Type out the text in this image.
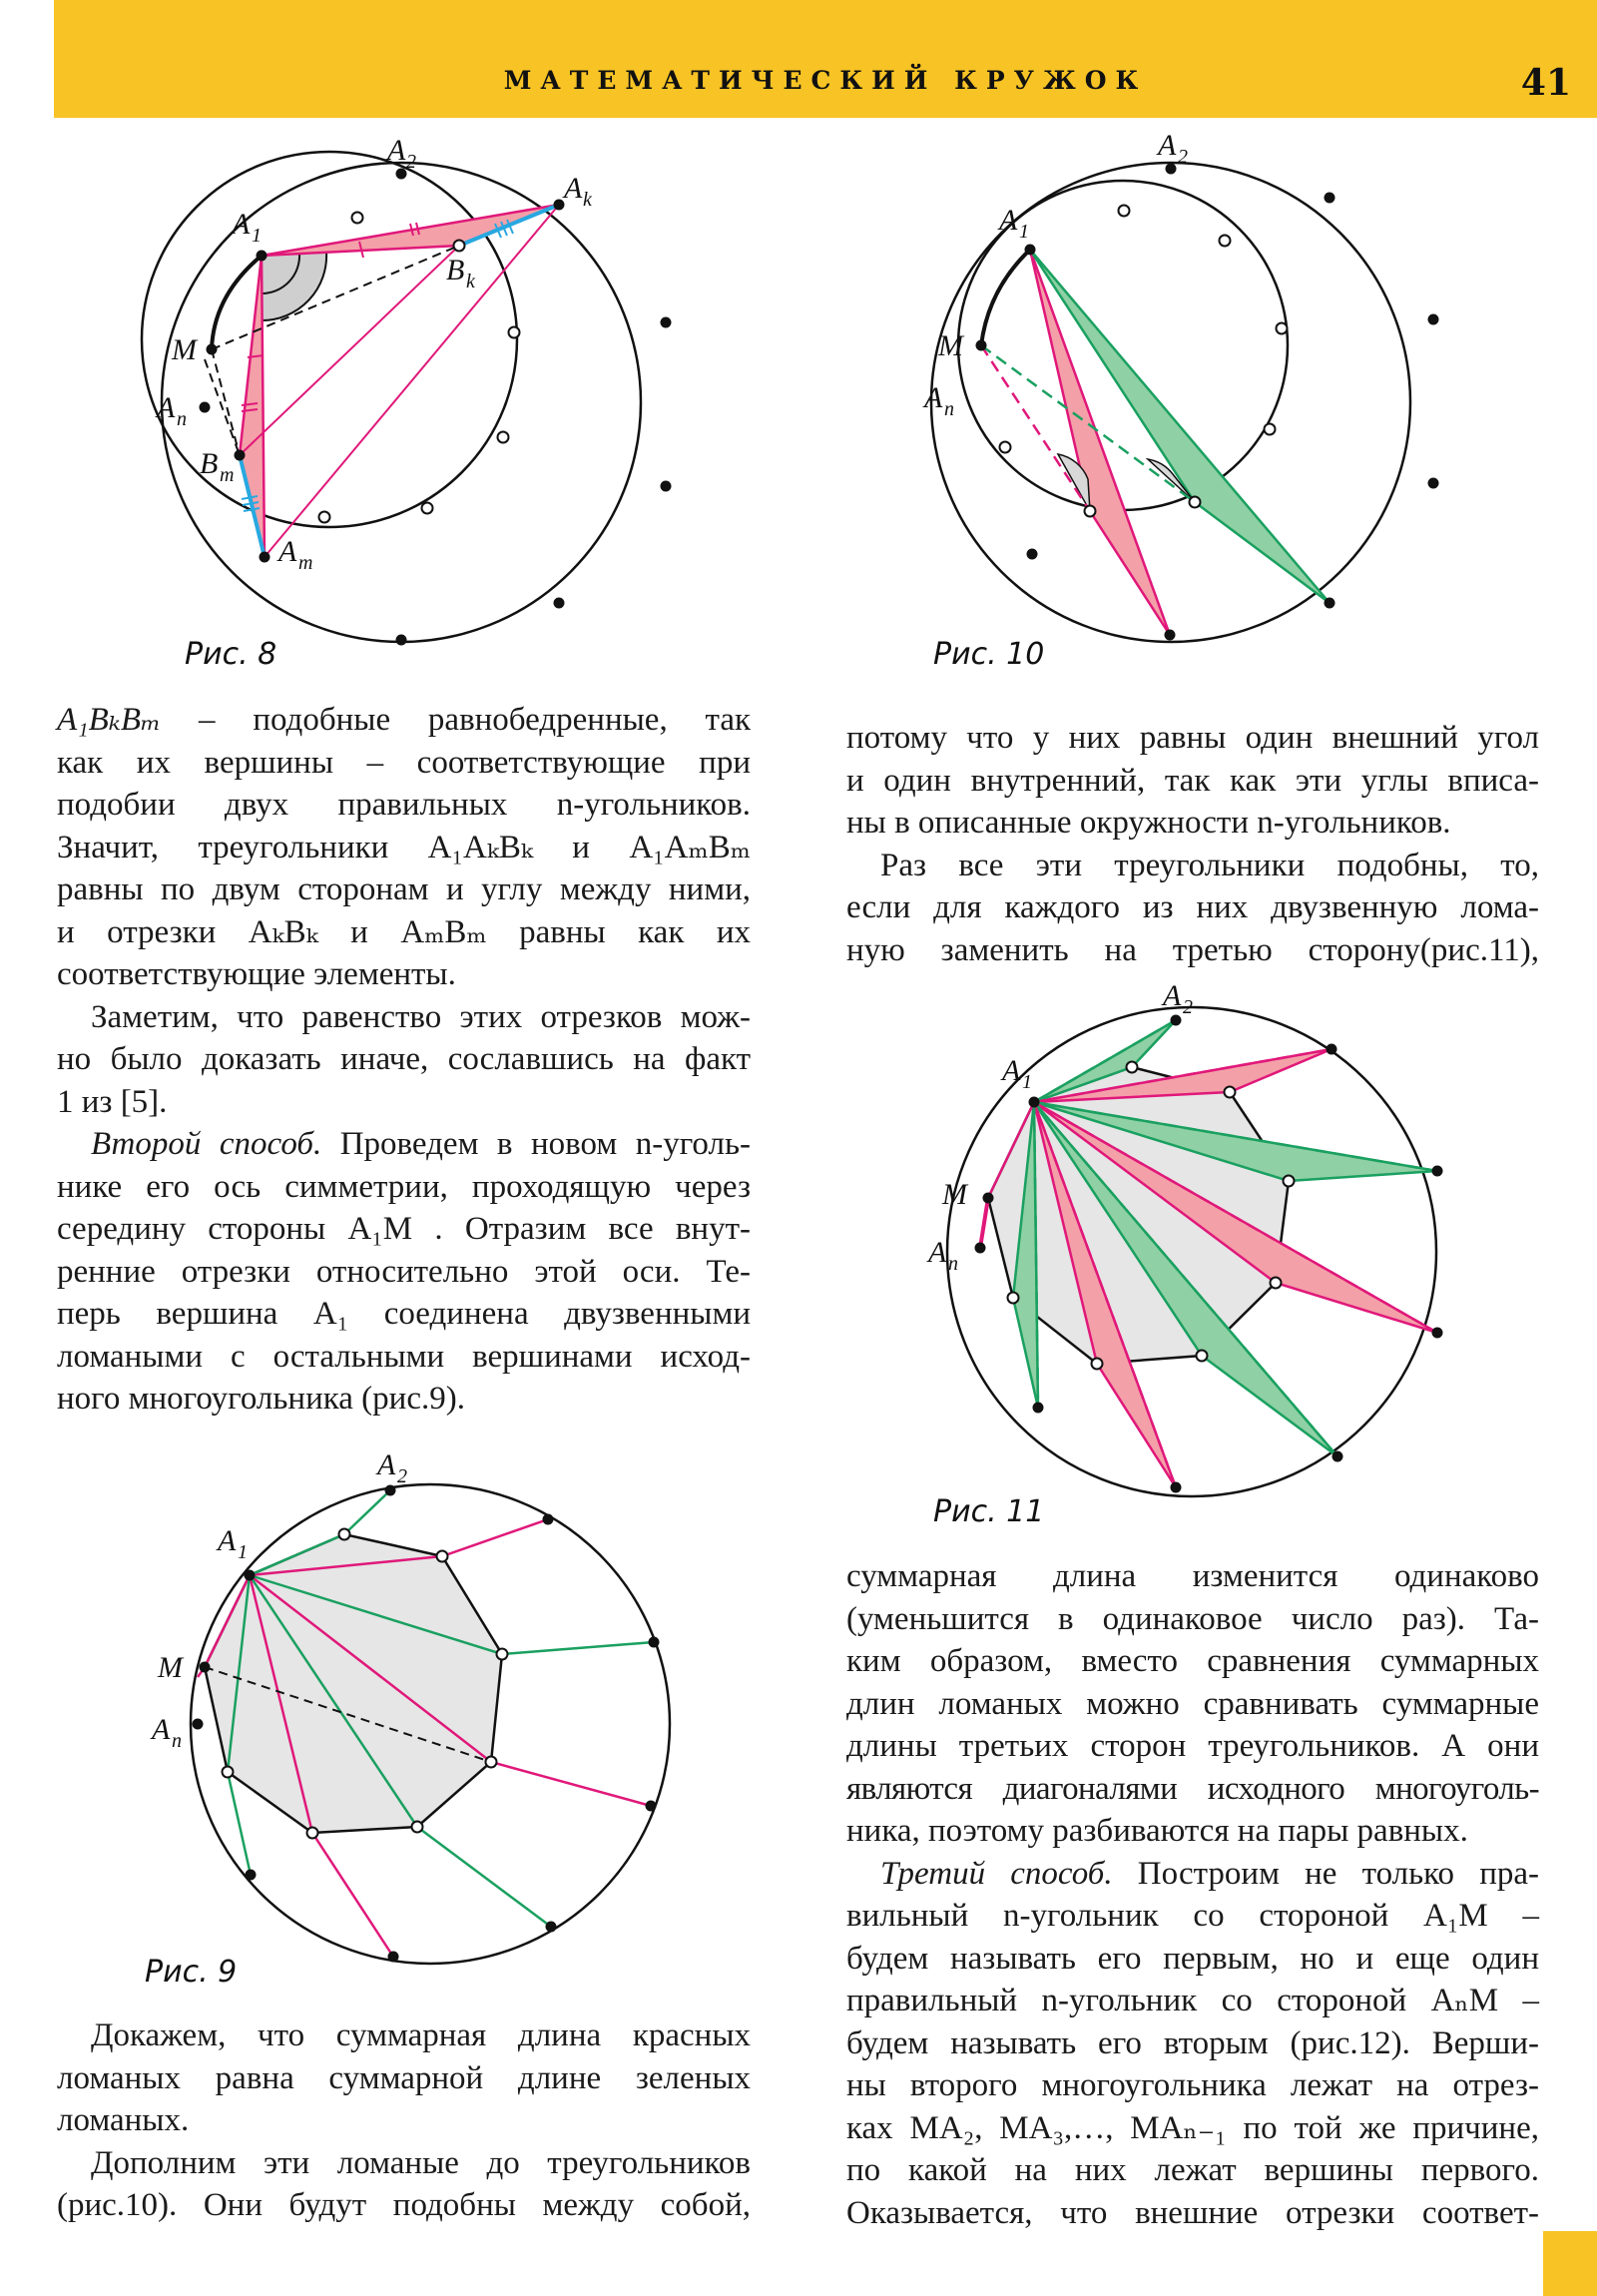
МАТЕМАТИЧЕСКИЙ КРУЖОК	41
A 2
A k
A 1
B k
M
A n
B m
A m
Рис. 8
A 2
A 1
M
A n
Рис. 10

A₁BₖBₘ – подобные равнобедренные, так

как их вершины – соответствующие при

подобии двух правильных n-угольников.

Значит, треугольники A₁AₖBₖ и A₁AₘBₘ

равны по двум сторонам и углу между ними,

и отрезки AₖBₖ и AₘBₘ равны как их

соответствующие элементы.

Заметим, что равенство этих отрезков мож-

но было доказать иначе, сославшись на факт

1 из [5].

Второй способ. Проведем в новом n-уголь-

нике его ось симметрии, проходящую через

середину стороны A₁M . Отразим все внут-

ренние отрезки относительно этой оси. Те-

перь вершина A₁ соединена двузвенными

ломаными с остальными вершинами исход-

ного многоугольника (рис.9).

A 2
A 1
M
A n
Рис. 9

Докажем, что суммарная длина красных

ломаных равна суммарной длине зеленых

ломаных.

Дополним эти ломаные до треугольников

(рис.10). Они будут подобны между собой,

потому что у них равны один внешний угол

и один внутренний, так как эти углы вписа-

ны в описанные окружности n-угольников.

Раз все эти треугольники подобны, то,

если для каждого из них двузвенную лома-

ную заменить на третью сторону(рис.11),

A 2
A 1
M
A n
Рис. 11

суммарная длина изменится одинаково

(уменьшится в одинаковое число раз). Та-

ким образом, вместо сравнения суммарных

длин ломаных можно сравнивать суммарные

длины третьих сторон треугольников. А они

являются диагоналями исходного многоуголь-

ника, поэтому разбиваются на пары равных.

Третий способ. Построим не только пра-

вильный n-угольник со стороной A₁M –

будем называть его первым, но и еще один

правильный n-угольник со стороной AₙM –

будем называть его вторым (рис.12). Верши-

ны второго многоугольника лежат на отрез-

ках MA₂, MA₃,…, MAₙ₋₁ по той же причине,

по какой на них лежат вершины первого.

Оказывается, что внешние отрезки соответ-
